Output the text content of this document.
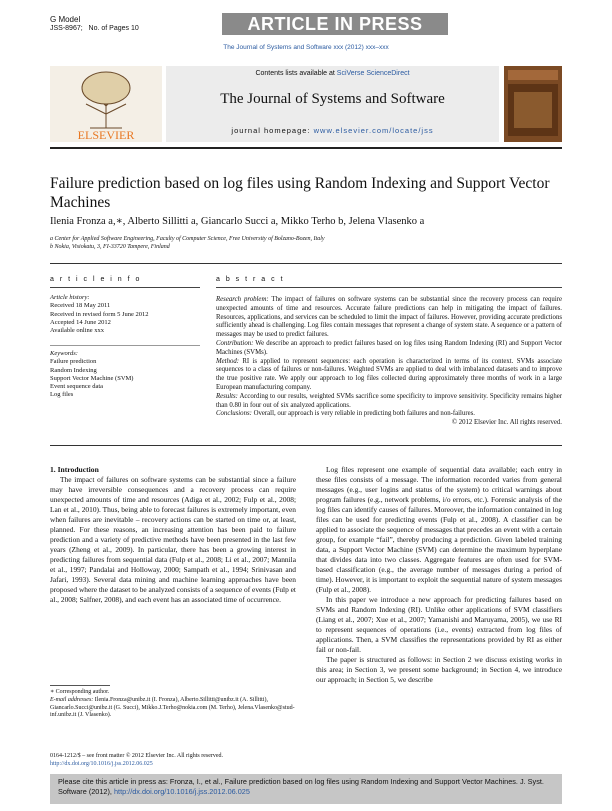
G Model
JSS-8967; No. of Pages 10	ARTICLE IN PRESS
The Journal of Systems and Software xxx (2012) xxx–xxx
ELSEVIER
Contents lists available at SciVerse ScienceDirect
The Journal of Systems and Software
journal homepage: www.elsevier.com/locate/jss
Failure prediction based on log files using Random Indexing and Support Vector Machines
Ilenia Fronza a,∗, Alberto Sillitti a, Giancarlo Succi a, Mikko Terho b, Jelena Vlasenko a
a Center for Applied Software Engineering, Faculty of Computer Science, Free University of Bolzano-Bozen, Italy
b Nokia, Visiokatu, 3, FI-33720 Tampere, Finland
a r t i c l e i n f o
Article history:
Received 18 May 2011
Received in revised form 5 June 2012
Accepted 14 June 2012
Available online xxx
Keywords:
Failure prediction
Random Indexing
Support Vector Machine (SVM)
Event sequence data
Log files
a b s t r a c t
Research problem: The impact of failures on software systems can be substantial since the recovery process can require unexpected amounts of time and resources. Accurate failure predictions can help in mitigating the impact of failures. Resources, applications, and services can be scheduled to limit the impact of failures. However, providing accurate predictions sufficiently ahead is challenging. Log files contain messages that represent a change of system state. A sequence or a pattern of messages may be used to predict failures.
Contribution: We describe an approach to predict failures based on log files using Random Indexing (RI) and Support Vector Machines (SVMs).
Method: RI is applied to represent sequences: each operation is characterized in terms of its context. SVMs associate sequences to a class of failures or non-failures. Weighted SVMs are applied to deal with imbalanced datasets and to improve the true positive rate. We apply our approach to log files collected during approximately three months of work in a large European manufacturing company.
Results: According to our results, weighted SVMs sacrifice some specificity to improve sensitivity. Specificity remains higher than 0.80 in four out of six analyzed applications.
Conclusions: Overall, our approach is very reliable in predicting both failures and non-failures.
© 2012 Elsevier Inc. All rights reserved.

1. Introduction

The impact of failures on software systems can be substantial since a failure may have irreversible consequences and a recovery process can require unexpected amounts of time and resources (Adiga et al., 2002; Fulp et al., 2008; Lan et al., 2010). Thus, being able to forecast failures is extremely important, even when failures are inevitable – recovery actions can be started on time or, at least, planned. For these reasons, an increasing attention has been paid to failure prediction and a variety of predictive methods have been presented in the last few years (Zheng et al., 2009). In particular, there has been a growing interest in predicting failures from sequential data (Fulp et al., 2008; Li et al., 2007; Mannila et al., 1997; Pandalai and Holloway, 2000; Sampath et al., 1994; Srinivasan and Jafari, 1993). Several data mining and machine learning approaches have been proposed where the dataset to be analyzed consists of a sequence of events (Fulp et al., 2008; Salfner, 2008), and each event has an associated time of occurrence.

Log files represent one example of sequential data available; each entry in these files consists of a message. The information recorded varies from general messages (e.g., user logins and status of the system) to critical warnings about program failures (e.g., network problems, i/o errors, etc.). Forensic analysis of the log files can identify causes of failures. Moreover, the information contained in log files can be used for predicting events (Fulp et al., 2008). A classifier can be applied to associate the sequence of messages that precedes an event with a certain group, for example “fail”, thereby producing a prediction. Given labeled training data, a Support Vector Machine (SVM) can determine the maximum hyperplane that divides data into two classes. Aggregate features are often used for SVM-based classification (e.g., the average number of messages during a period of time). However, it is important to exploit the sequential nature of system messages (Fulp et al., 2008).

In this paper we introduce a new approach for predicting failures based on SVMs and Random Indexing (RI). Unlike other applications of SVM classifiers (Liang et al., 2007; Xue et al., 2007; Yamanishi and Maruyama, 2005), we use RI to represent sequences of operations (i.e., events) extracted from log files of applications. Then, a SVM classifies the representations provided by RI as either fail or non-fail.

The paper is structured as follows: in Section 2 we discuss existing works in this area; in Section 3, we present some background; in Section 4, we introduce our approach; in Section 5, we describe

∗ Corresponding author.
E-mail addresses: Ilenia.Fronza@unibz.it (I. Fronza), Alberto.Sillitti@unibz.it (A. Sillitti), Giancarlo.Succi@unibz.it (G. Succi), Mikko.J.Terho@nokia.com (M. Terho), Jelena.Vlasenko@stud-inf.unibz.it (J. Vlasenko).
0164-1212/$ – see front matter © 2012 Elsevier Inc. All rights reserved.
http://dx.doi.org/10.1016/j.jss.2012.06.025
Please cite this article in press as: Fronza, I., et al., Failure prediction based on log files using Random Indexing and Support Vector Machines. J. Syst. Software (2012), http://dx.doi.org/10.1016/j.jss.2012.06.025
